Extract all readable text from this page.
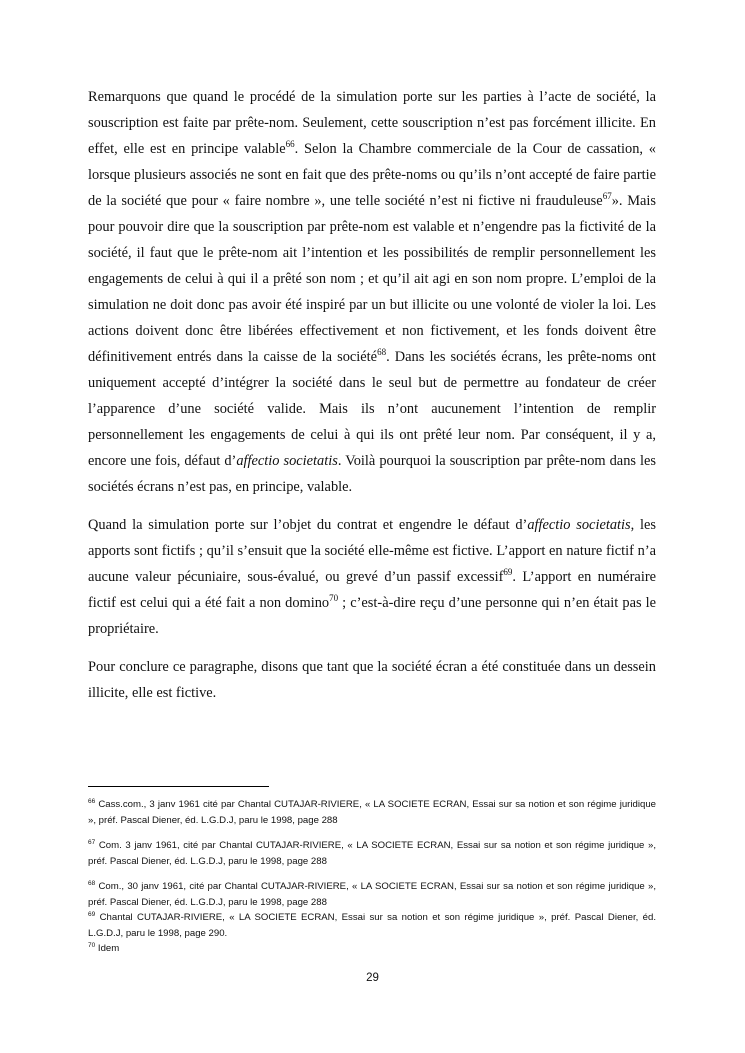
Remarquons que quand le procédé de la simulation porte sur les parties à l’acte de société, la souscription est faite par prête-nom. Seulement, cette souscription n’est pas forcément illicite. En effet, elle est en principe valable$^{66}$. Selon la Chambre commerciale de la Cour de cassation, « lorsque plusieurs associés ne sont en fait que des prête-noms ou qu’ils n’ont accepté de faire partie de la société que pour « faire nombre », une telle société n’est ni fictive ni frauduleuse$^{67}$». Mais pour pouvoir dire que la souscription par prête-nom est valable et n’engendre pas la fictivité de la société, il faut que le prête-nom ait l’intention et les possibilités de remplir personnellement les engagements de celui à qui il a prêté son nom ; et qu’il ait agi en son nom propre. L’emploi de la simulation ne doit donc pas avoir été inspiré par un but illicite ou une volonté de violer la loi. Les actions doivent donc être libérées effectivement et non fictivement, et les fonds doivent être définitivement entrés dans la caisse de la société$^{68}$. Dans les sociétés écrans, les prête-noms ont uniquement accepté d’intégrer la société dans le seul but de permettre au fondateur de créer l’apparence d’une société valide. Mais ils n’ont aucunement l’intention de remplir personnellement les engagements de celui à qui ils ont prêté leur nom. Par conséquent, il y a, encore une fois, défaut d’affectio societatis. Voilà pourquoi la souscription par prête-nom dans les sociétés écrans n’est pas, en principe, valable.

Quand la simulation porte sur l’objet du contrat et engendre le défaut d’affectio societatis, les apports sont fictifs ; qu’il s’ensuit que la société elle-même est fictive. L’apport en nature fictif n’a aucune valeur pécuniaire, sous-évalué, ou grevé d’un passif excessif$^{69}$. L’apport en numéraire fictif est celui qui a été fait a non domino$^{70}$ ; c’est-à-dire reçu d’une personne qui n’en était pas le propriétaire.

Pour conclure ce paragraphe, disons que tant que la société écran a été constituée dans un dessein illicite, elle est fictive.

$^{66}$ Cass.com., 3 janv 1961 cité par Chantal CUTAJAR-RIVIERE, « LA SOCIETE ECRAN, Essai sur sa notion et son régime juridique », préf. Pascal Diener, éd. L.G.D.J, paru le 1998, page 288

$^{67}$ Com. 3 janv 1961, cité par Chantal CUTAJAR-RIVIERE, « LA SOCIETE ECRAN, Essai sur sa notion et son régime juridique », préf. Pascal Diener, éd. L.G.D.J, paru le 1998, page 288

$^{68}$ Com., 30 janv 1961, cité par Chantal CUTAJAR-RIVIERE, « LA SOCIETE ECRAN, Essai sur sa notion et son régime juridique », préf. Pascal Diener, éd. L.G.D.J, paru le 1998, page 288

$^{69}$ Chantal CUTAJAR-RIVIERE, « LA SOCIETE ECRAN, Essai sur sa notion et son régime juridique », préf. Pascal Diener, éd. L.G.D.J, paru le 1998, page 290.

$^{70}$ Idem

29
